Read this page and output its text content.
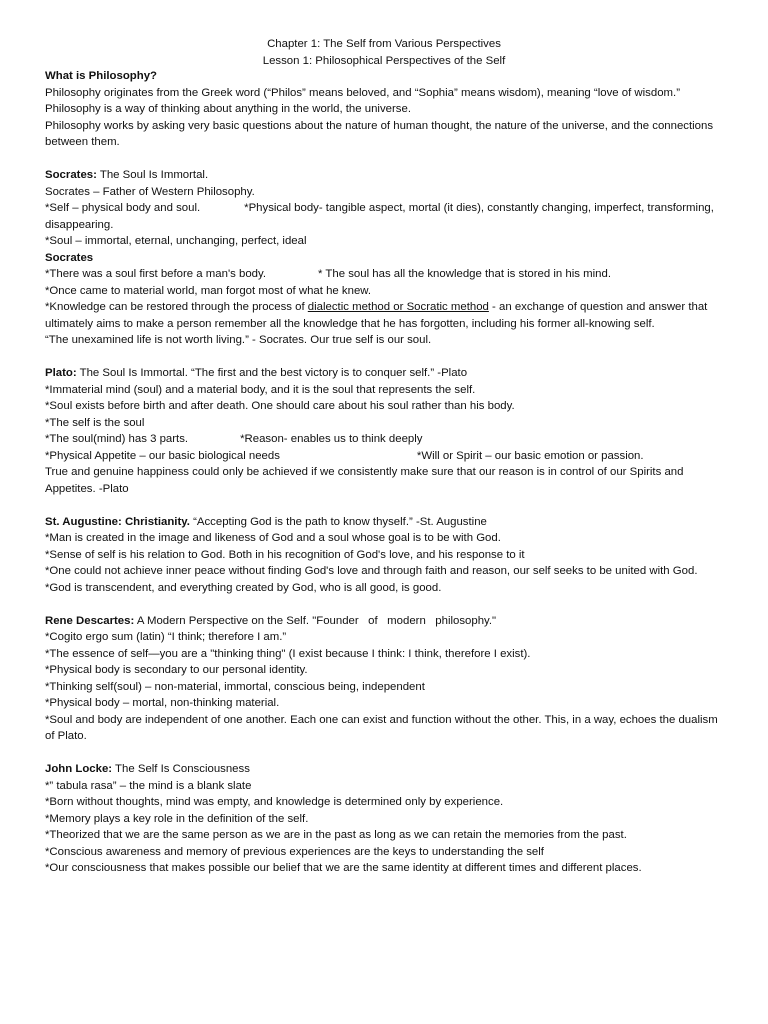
Chapter 1: The Self from Various Perspectives
Lesson 1: Philosophical Perspectives of the Self

What is Philosophy?

Philosophy originates from the Greek word (“Philos” means beloved, and “Sophia” means wisdom), meaning “love of wisdom.”

Philosophy is a way of thinking about anything in the world, the universe.

Philosophy works by asking very basic questions about the nature of human thought, the nature of the universe, and the connections between them.

Socrates: The Soul Is Immortal.

Socrates – Father of Western Philosophy.

*Self – physical body and soul.	*Physical body- tangible aspect, mortal (it dies), constantly changing, imperfect, transforming, disappearing.

*Soul – immortal, eternal, unchanging, perfect, ideal

Socrates

*There was a soul first before a man's body.	* The soul has all the knowledge that is stored in his mind.

*Once came to material world, man forgot most of what he knew.

*Knowledge can be restored through the process of dialectic method or Socratic method - an exchange of question and answer that ultimately aims to make a person remember all the knowledge that he has forgotten, including his former all-knowing self.

“The unexamined life is not worth living.” - Socrates. Our true self is our soul.

Plato: The Soul Is Immortal. “The first and the best victory is to conquer self.” -Plato

*Immaterial mind (soul) and a material body, and it is the soul that represents the self.

*Soul exists before birth and after death. One should care about his soul rather than his body.

*The self is the soul

*The soul(mind) has 3 parts.	*Reason- enables us to think deeply

*Physical Appetite – our basic biological needs	*Will or Spirit – our basic emotion or passion.

True and genuine happiness could only be achieved if we consistently make sure that our reason is in control of our Spirits and Appetites. -Plato

St. Augustine: Christianity. “Accepting God is the path to know thyself.” -St. Augustine

*Man is created in the image and likeness of God and a soul whose goal is to be with God.

*Sense of self is his relation to God. Both in his recognition of God's love, and his response to it

*One could not achieve inner peace without finding God's love and through faith and reason, our self seeks to be united with God.

*God is transcendent, and everything created by God, who is all good, is good.

Rene Descartes: A Modern Perspective on the Self. "Founder   of   modern   philosophy."

*Cogito ergo sum (latin) “I think; therefore I am.”

*The essence of self—you are a "thinking thing" (I exist because I think: I think, therefore I exist).

*Physical body is secondary to our personal identity.

*Thinking self(soul) – non-material, immortal, conscious being, independent

*Physical body – mortal, non-thinking material.

*Soul and body are independent of one another. Each one can exist and function without the other. This, in a way, echoes the dualism of Plato.

John Locke: The Self Is Consciousness

*” tabula rasa” – the mind is a blank slate

*Born without thoughts, mind was empty, and knowledge is determined only by experience.

*Memory plays a key role in the definition of the self.

*Theorized that we are the same person as we are in the past as long as we can retain the memories from the past.

*Conscious awareness and memory of previous experiences are the keys to understanding the self

*Our consciousness that makes possible our belief that we are the same identity at different times and different places.
